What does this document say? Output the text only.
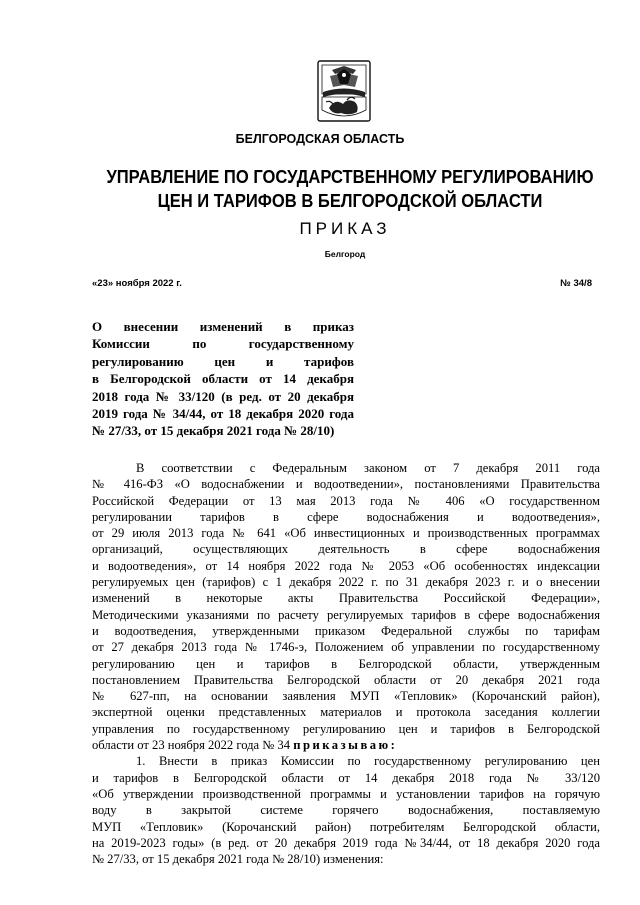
БЕЛГОРОДСКАЯ ОБЛАСТЬ
УПРАВЛЕНИЕ ПО ГОСУДАРСТВЕННОМУ РЕГУЛИРОВАНИЮ
ЦЕН И ТАРИФОВ В БЕЛГОРОДСКОЙ ОБЛАСТИ
ПРИКАЗ
Белгород
«23» ноября 2022 г.	№ 34/8
О внесении изменений в приказ
Комиссии по государственному
регулированию цен и тарифов
в Белгородской области от 14 декабря
2018 года № 33/120 (в ред. от 20 декабря
2019 года № 34/44, от 18 декабря 2020 года
№ 27/33, от 15 декабря 2021 года № 28/10)
В соответствии с Федеральным законом от 7 декабря 2011 года
№ 416-ФЗ «О водоснабжении и водоотведении», постановлениями Правительства
Российской Федерации от 13 мая 2013 года № 406 «О государственном
регулировании тарифов в сфере водоснабжения и водоотведения»,
от 29 июля 2013 года № 641 «Об инвестиционных и производственных программах
организаций, осуществляющих деятельность в сфере водоснабжения
и водоотведения», от 14 ноября 2022 года № 2053 «Об особенностях индексации
регулируемых цен (тарифов) с 1 декабря 2022 г. по 31 декабря 2023 г. и о внесении
изменений в некоторые акты Правительства Российской Федерации»,
Методическими указаниями по расчету регулируемых тарифов в сфере водоснабжения
и водоотведения, утвержденными приказом Федеральной службы по тарифам
от 27 декабря 2013 года № 1746-э, Положением об управлении по государственному
регулированию цен и тарифов в Белгородской области, утвержденным
постановлением Правительства Белгородской области от 20 декабря 2021 года
№ 627-пп, на основании заявления МУП «Тепловик» (Корочанский район),
экспертной оценки представленных материалов и протокола заседания коллегии
управления по государственному регулированию цен и тарифов в Белгородской
области от 23 ноября 2022 года № 34 приказываю:
1. Внести в приказ Комиссии по государственному регулированию цен
и тарифов в Белгородской области от 14 декабря 2018 года № 33/120
«Об утверждении производственной программы и установлении тарифов на горячую
воду в закрытой системе горячего водоснабжения, поставляемую
МУП «Тепловик» (Корочанский район) потребителям Белгородской области,
на 2019-2023 годы» (в ред. от 20 декабря 2019 года №34/44, от 18 декабря 2020 года
№ 27/33, от 15 декабря 2021 года № 28/10) изменения:
